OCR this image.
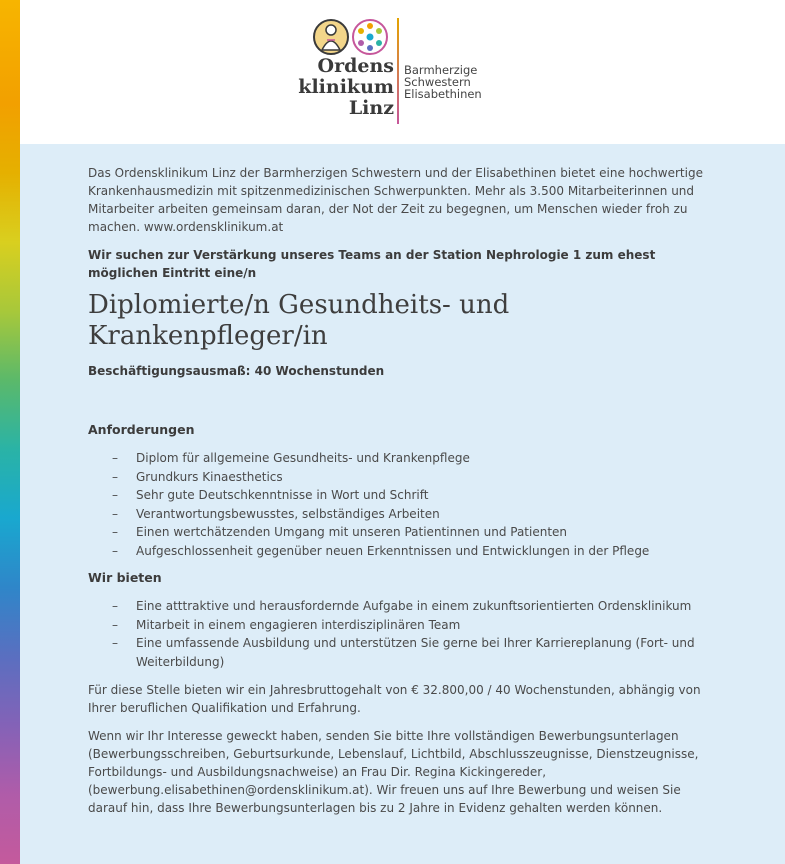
Ordens
klinikum
Linz
Barmherzige
Schwestern
Elisabethinen

Das Ordensklinikum Linz der Barmherzigen Schwestern und der Elisabethinen bietet eine hochwertige Krankenhausmedizin mit spitzenmedizinischen Schwerpunkten. Mehr als 3.500 Mitarbeiterinnen und Mitarbeiter arbeiten gemeinsam daran, der Not der Zeit zu begegnen, um Menschen wieder froh zu machen. www.ordensklinikum.at

Wir suchen zur Verstärkung unseres Teams an der Station Nephrologie 1 zum ehest möglichen Eintritt eine/n

Diplomierte/n Gesundheits- und
Krankenpfleger/in

Beschäftigungsausmaß: 40 Wochenstunden

Anforderungen
– Diplom für allgemeine Gesundheits- und Krankenpflege
– Grundkurs Kinaesthetics
– Sehr gute Deutschkenntnisse in Wort und Schrift
– Verantwortungsbewusstes, selbständiges Arbeiten
– Einen wertchätzenden Umgang mit unseren Patientinnen und Patienten
– Aufgeschlossenheit gegenüber neuen Erkenntnissen und Entwicklungen in der Pflege
Wir bieten
– Eine atttraktive und herausfordernde Aufgabe in einem zukunftsorientierten Ordensklinikum
– Mitarbeit in einem engagieren interdisziplinären Team
– Eine umfassende Ausbildung und unterstützen Sie gerne bei Ihrer Karriereplanung (Fort- und Weiterbildung)

Für diese Stelle bieten wir ein Jahresbruttogehalt von € 32.800,00 / 40 Wochenstunden, abhängig von Ihrer beruflichen Qualifikation und Erfahrung.

Wenn wir Ihr Interesse geweckt haben, senden Sie bitte Ihre vollständigen Bewerbungsunterlagen (Bewerbungsschreiben, Geburtsurkunde, Lebenslauf, Lichtbild, Abschlusszeugnisse, Dienstzeugnisse, Fortbildungs- und Ausbildungsnachweise) an Frau Dir. Regina Kickingereder, (bewerbung.elisabethinen@ordensklinikum.at). Wir freuen uns auf Ihre Bewerbung und weisen Sie darauf hin, dass Ihre Bewerbungsunterlagen bis zu 2 Jahre in Evidenz gehalten werden können.
